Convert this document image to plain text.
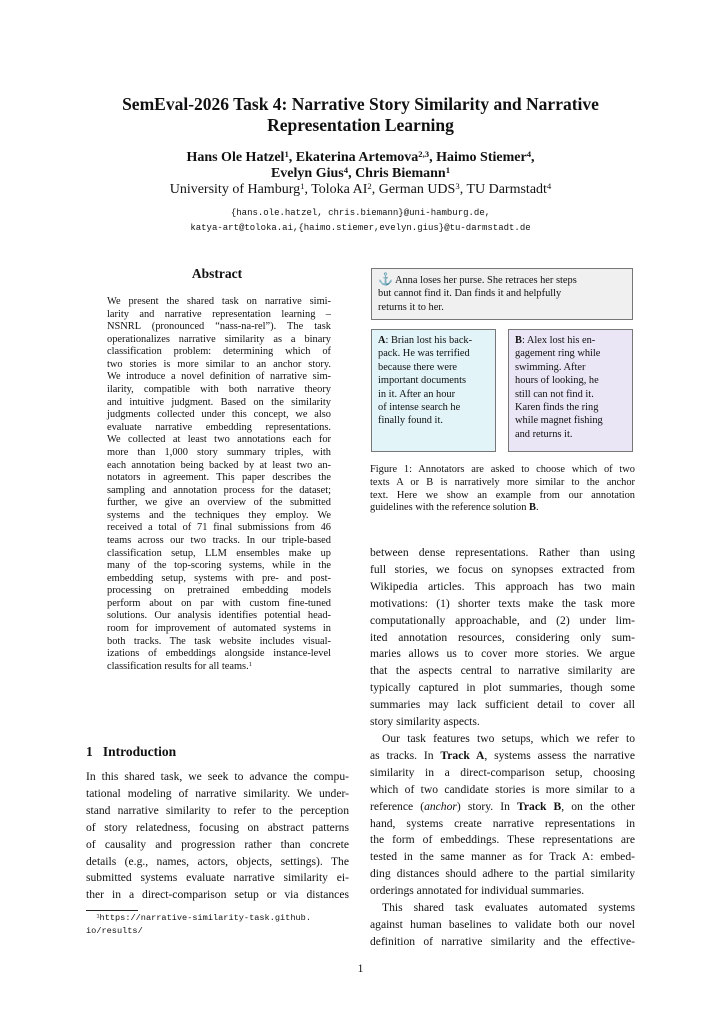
SemEval-2026 Task 4: Narrative Story Similarity and Narrative
Representation Learning
Hans Ole Hatzel$^1$, Ekaterina Artemova$^{2,3}$, Haimo Stiemer$^4$,
Evelyn Gius$^4$, Chris Biemann$^1$
University of Hamburg$^1$, Toloka $AI^2$, German UDS$^3$, TU Darmstadt$^4$
{hans.ole.hatzel, chris.biemann}@uni-hamburg.de,
katya-art@toloka.ai,{haimo.stiemer,evelyn.gius}@tu-darmstadt.de
Abstract
We present the shared task on narrative simi-
larity and narrative representation learning –
NSNRL (pronounced “nass-na-rel”). The task
operationalizes narrative similarity as a binary
classification problem: determining which of
two stories is more similar to an anchor story.
We introduce a novel definition of narrative sim-
ilarity, compatible with both narrative theory
and intuitive judgment. Based on the similarity
judgments collected under this concept, we also
evaluate narrative embedding representations.
We collected at least two annotations each for
more than 1,000 story summary triples, with
each annotation being backed by at least two an-
notators in agreement. This paper describes the
sampling and annotation process for the dataset;
further, we give an overview of the submitted
systems and the techniques they employ. We
received a total of 71 final submissions from 46
teams across our two tracks. In our triple-based
classification setup, LLM ensembles make up
many of the top-scoring systems, while in the
embedding setup, systems with pre- and post-
processing on pretrained embedding models
perform about on par with custom fine-tuned
solutions. Our analysis identifies potential head-
room for improvement of automated systems in
both tracks. The task website includes visual-
izations of embeddings alongside instance-level
classification results for all teams.$^1$
1 Introduction
In this shared task, we seek to advance the compu-
tational modeling of narrative similarity. We under-
stand narrative similarity to refer to the perception
of story relatedness, focusing on abstract patterns
of causality and progression rather than concrete
details (e.g., names, actors, objects, settings). The
submitted systems evaluate narrative similarity ei-
ther in a direct-comparison setup or via distances
$^1$https://narrative-similarity-task.github.
io/results/
⚓ Anna loses her purse. She retraces her steps
but cannot find it. Dan finds it and helpfully
returns it to her.
A: Brian lost his back-
pack. He was terrified
because there were
important documents
in it. After an hour
of intense search he
finally found it.
B: Alex lost his en-
gagement ring while
swimming. After
hours of looking, he
still can not find it.
Karen finds the ring
while magnet fishing
and returns it.
Figure 1: Annotators are asked to choose which of two
texts A or B is narratively more similar to the anchor
text. Here we show an example from our annotation
guidelines with the reference solution B.
between dense representations. Rather than using
full stories, we focus on synopses extracted from
Wikipedia articles. This approach has two main
motivations: (1) shorter texts make the task more
computationally approachable, and (2) under lim-
ited annotation resources, considering only sum-
maries allows us to cover more stories. We argue
that the aspects central to narrative similarity are
typically captured in plot summaries, though some
summaries may lack sufficient detail to cover all
story similarity aspects.
Our task features two setups, which we refer to
as tracks. In Track A, systems assess the narrative
similarity in a direct-comparison setup, choosing
which of two candidate stories is more similar to a
reference (anchor) story. In Track B, on the other
hand, systems create narrative representations in
the form of embeddings. These representations are
tested in the same manner as for Track A: embed-
ding distances should adhere to the partial similarity
orderings annotated for individual summaries.
This shared task evaluates automated systems
against human baselines to validate both our novel
definition of narrative similarity and the effective-
1
